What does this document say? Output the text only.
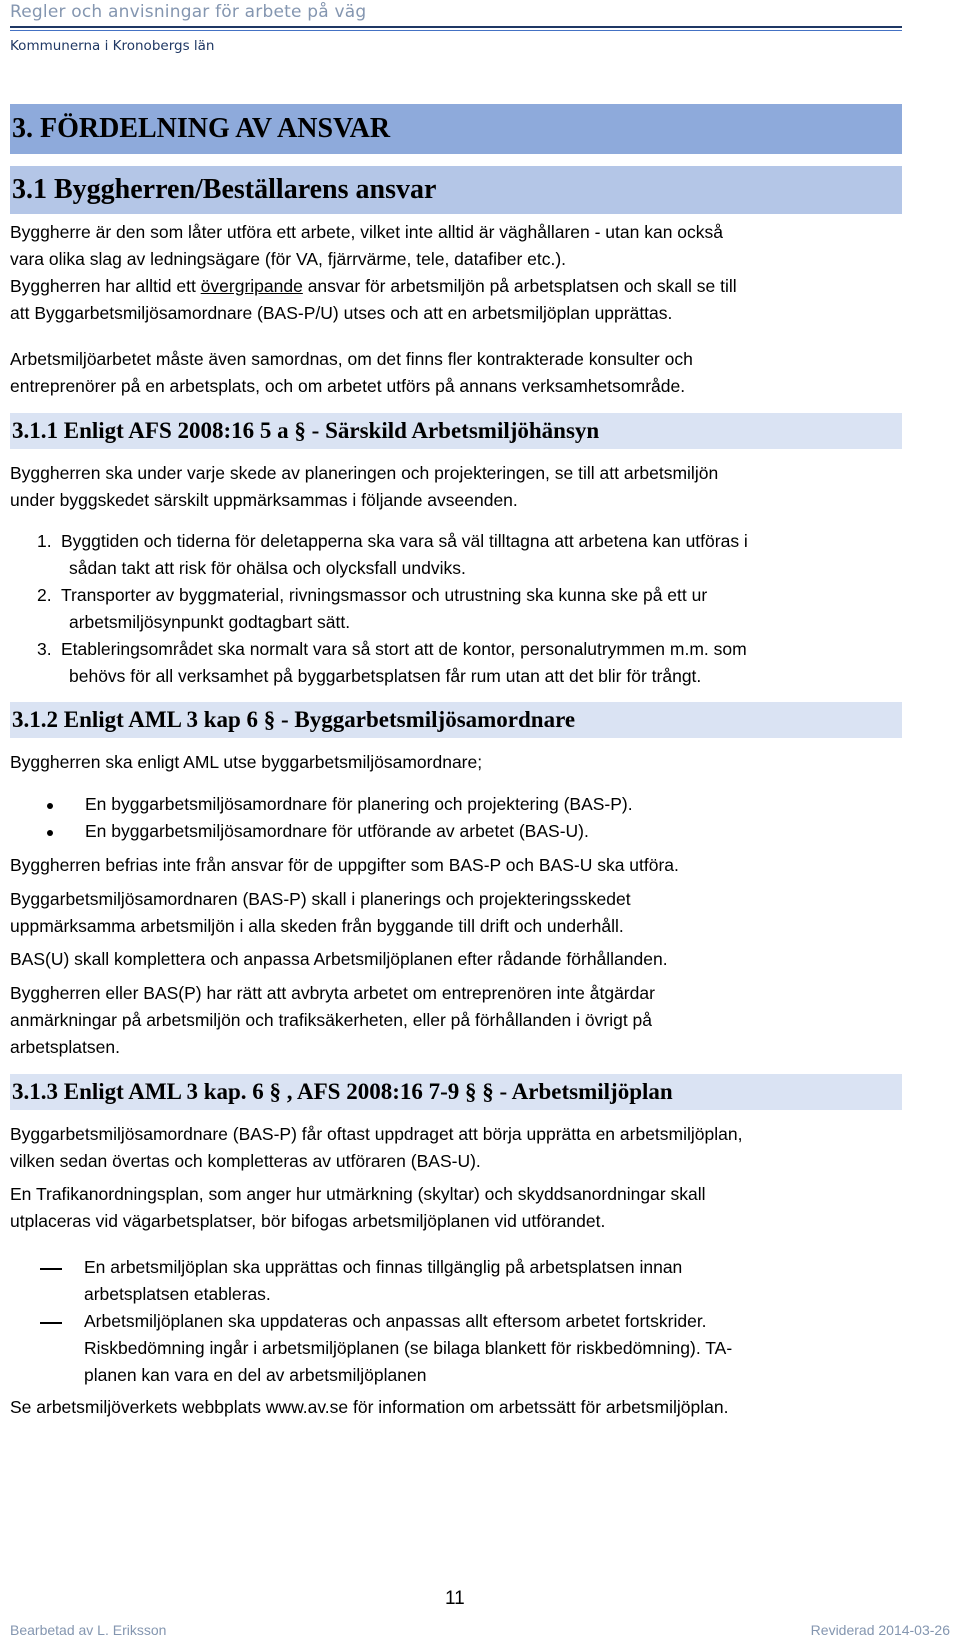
Regler och anvisningar för arbete på väg
Kommunerna i Kronobergs län
3. FÖRDELNING AV ANSVAR
3.1 Byggherren/Beställarens ansvar
Byggherre är den som låter utföra ett arbete, vilket inte alltid är väghållaren - utan kan också
vara olika slag av ledningsägare (för VA, fjärrvärme, tele, datafiber etc.).
Byggherren har alltid ett övergripande ansvar för arbetsmiljön på arbetsplatsen och skall se till
att Byggarbetsmiljösamordnare (BAS-P/U) utses och att en arbetsmiljöplan upprättas.
Arbetsmiljöarbetet måste även samordnas, om det finns fler kontrakterade konsulter och
entreprenörer på en arbetsplats, och om arbetet utförs på annans verksamhetsområde.
3.1.1 Enligt AFS 2008:16 5 a § - Särskild Arbetsmiljöhänsyn
Byggherren ska under varje skede av planeringen och projekteringen, se till att arbetsmiljön
under byggskedet särskilt uppmärksammas i följande avseenden.
1. Byggtiden och tiderna för deletapperna ska vara så väl tilltagna att arbetena kan utföras i
sådan takt att risk för ohälsa och olycksfall undviks.
2. Transporter av byggmaterial, rivningsmassor och utrustning ska kunna ske på ett ur
arbetsmiljösynpunkt godtagbart sätt.
3. Etableringsområdet ska normalt vara så stort att de kontor, personalutrymmen m.m. som
behövs för all verksamhet på byggarbetsplatsen får rum utan att det blir för trångt.
3.1.2 Enligt AML 3 kap 6 § - Byggarbetsmiljösamordnare
Byggherren ska enligt AML utse byggarbetsmiljösamordnare;
En byggarbetsmiljösamordnare för planering och projektering (BAS-P).
En byggarbetsmiljösamordnare för utförande av arbetet (BAS-U).
Byggherren befrias inte från ansvar för de uppgifter som BAS-P och BAS-U ska utföra.
Byggarbetsmiljösamordnaren (BAS-P) skall i planerings och projekteringsskedet
uppmärksamma arbetsmiljön i alla skeden från byggande till drift och underhåll.
BAS(U) skall komplettera och anpassa Arbetsmiljöplanen efter rådande förhållanden.
Byggherren eller BAS(P) har rätt att avbryta arbetet om entreprenören inte åtgärdar
anmärkningar på arbetsmiljön och trafiksäkerheten, eller på förhållanden i övrigt på
arbetsplatsen.
3.1.3 Enligt AML 3 kap. 6 § , AFS 2008:16 7-9 § § - Arbetsmiljöplan
Byggarbetsmiljösamordnare (BAS-P) får oftast uppdraget att börja upprätta en arbetsmiljöplan,
vilken sedan övertas och kompletteras av utföraren (BAS-U).
En Trafikanordningsplan, som anger hur utmärkning (skyltar) och skyddsanordningar skall
utplaceras vid vägarbetsplatser, bör bifogas arbetsmiljöplanen vid utförandet.
En arbetsmiljöplan ska upprättas och finnas tillgänglig på arbetsplatsen innan
arbetsplatsen etableras.
Arbetsmiljöplanen ska uppdateras och anpassas allt eftersom arbetet fortskrider.
Riskbedömning ingår i arbetsmiljöplanen (se bilaga blankett för riskbedömning). TA-
planen kan vara en del av arbetsmiljöplanen
Se arbetsmiljöverkets webbplats www.av.se för information om arbetssätt för arbetsmiljöplan.
11
Bearbetad av L. Eriksson	Reviderad 2014-03-26
